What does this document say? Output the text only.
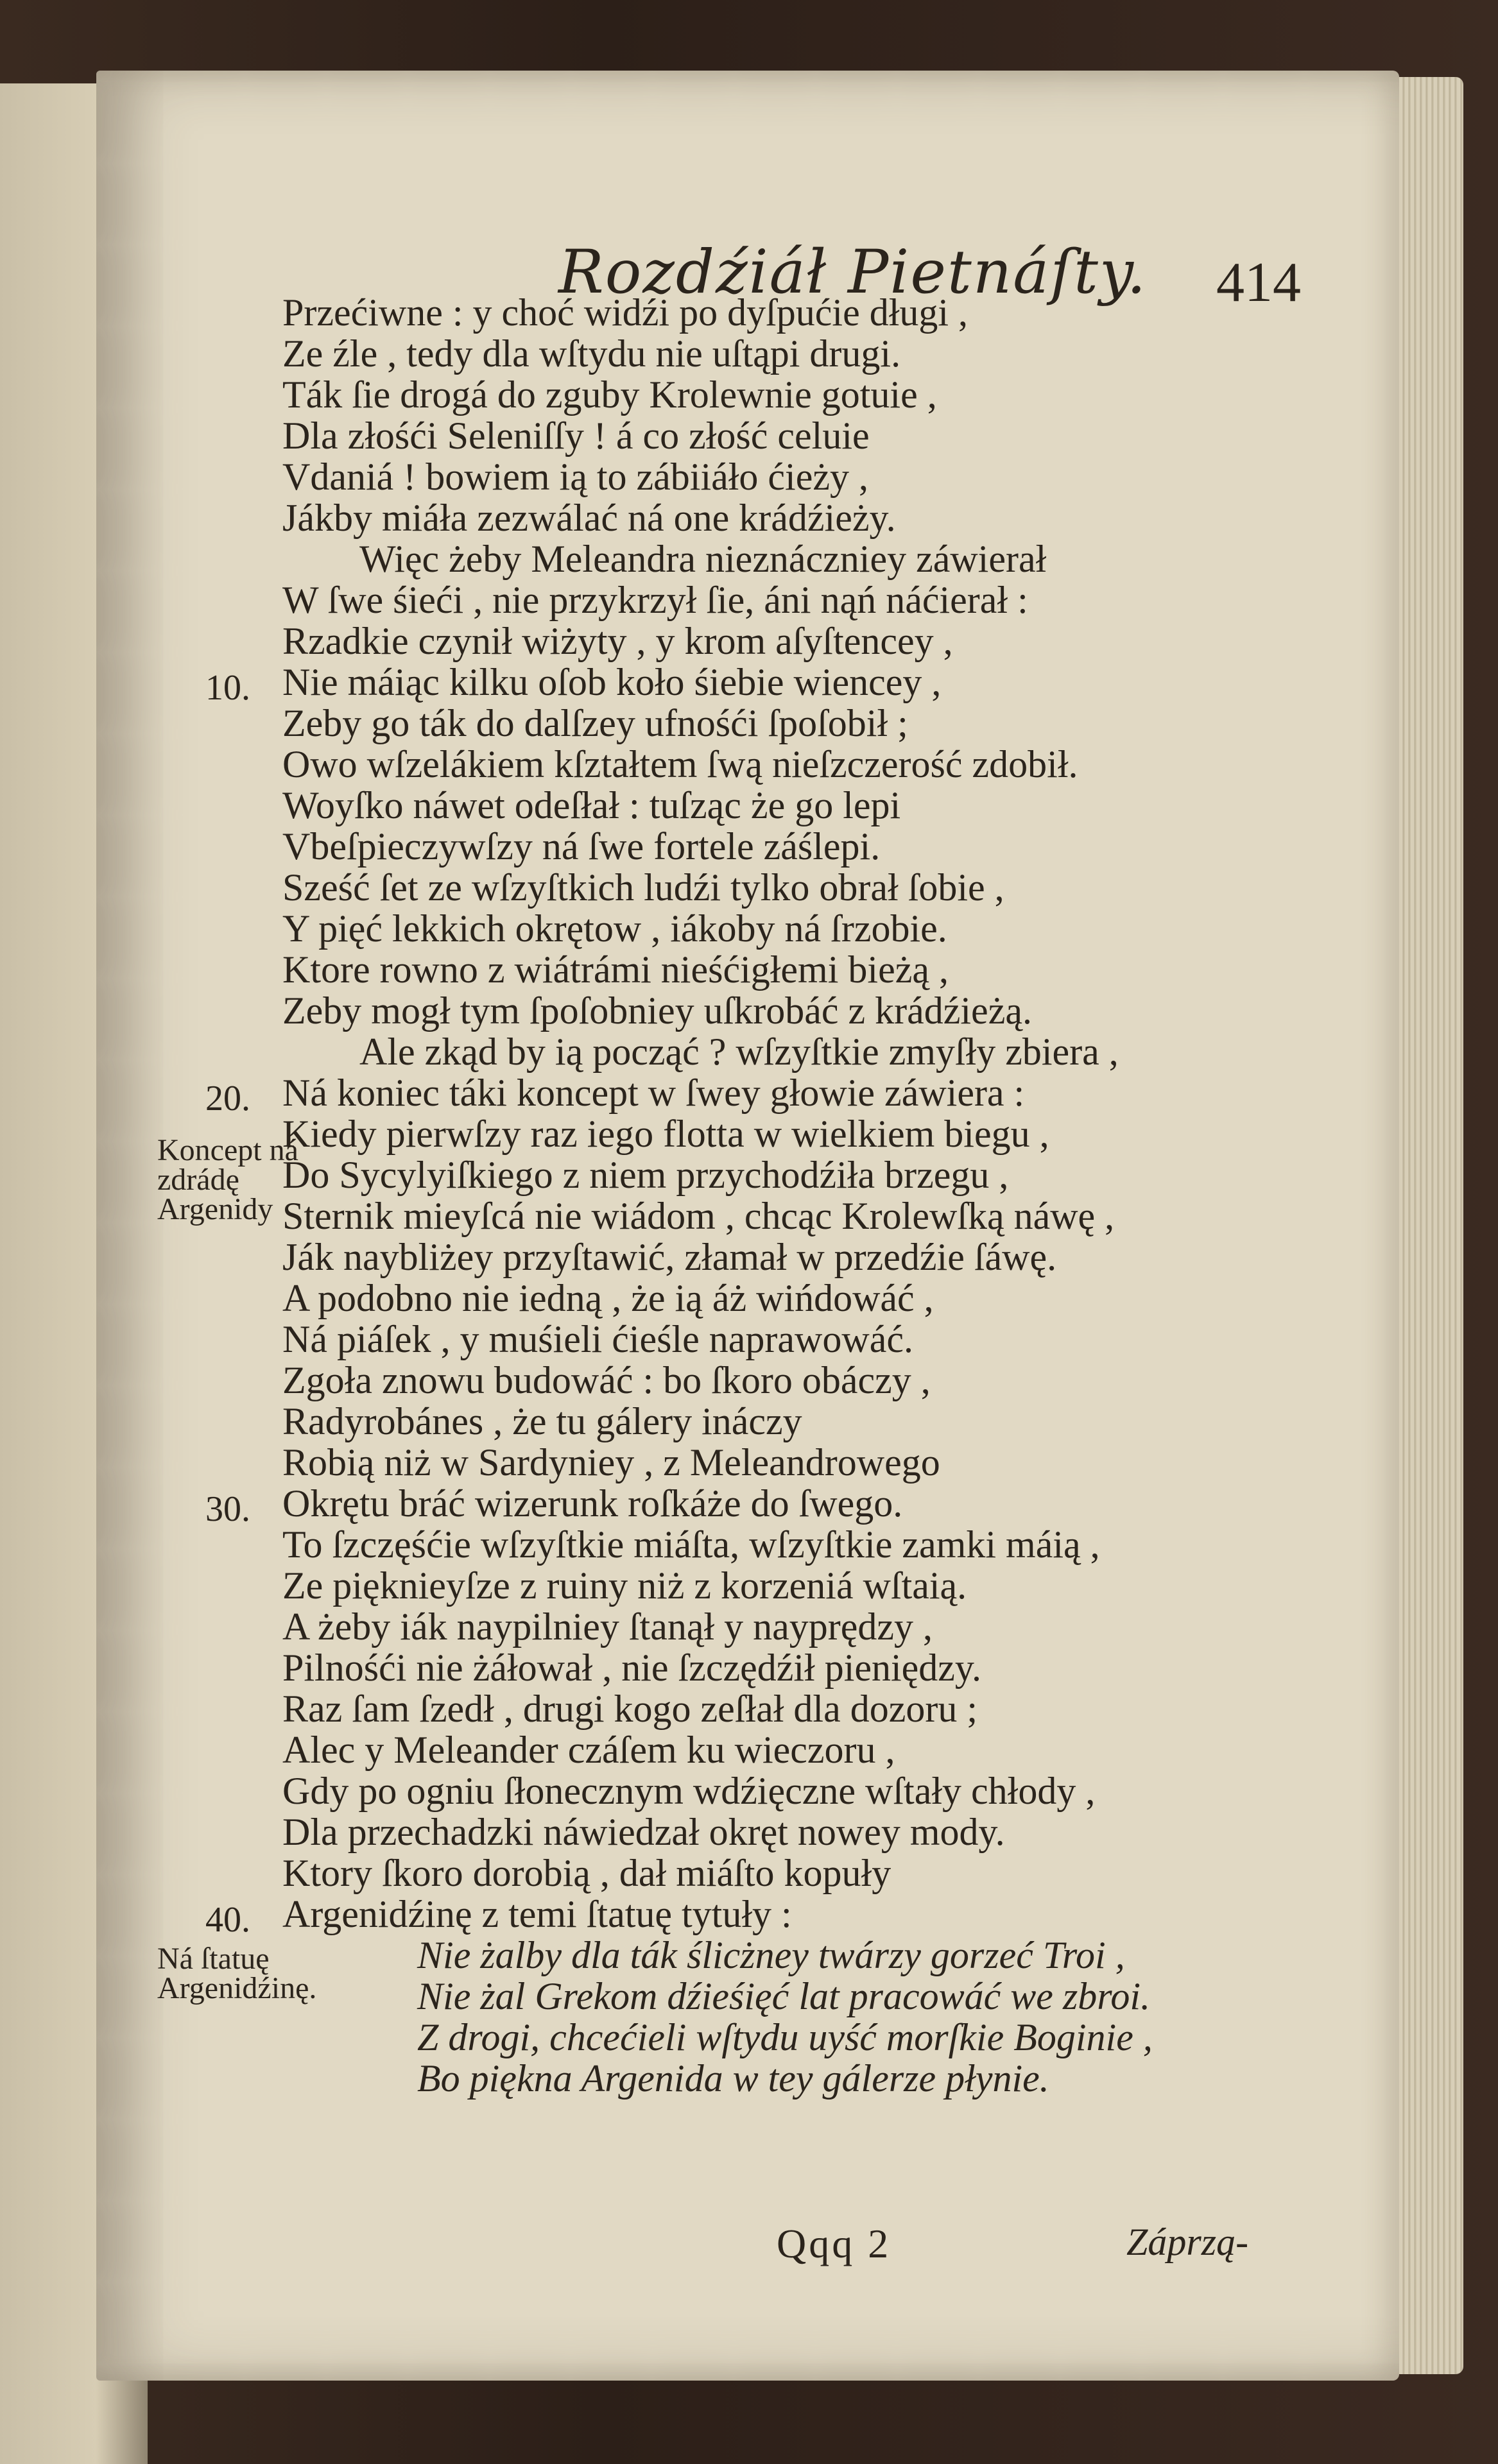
Rozdźiáł Pietnáſty. 414
Przećiwne : y choć widźi po dyſpućie długi ,
Ze źle , tedy dla wſtydu nie uſtąpi drugi.
Ták ſie drogá do zguby Krolewnie gotuie ,
Dla złośći Seleniſſy ! á co złość celuie
Vdaniá ! bowiem ią to zábiiáło ćieży ,
Jákby miáła zezwálać ná one krádźieży.
Więc żeby Meleandra nieznáczniey záwierał
W ſwe śieći , nie przykrzył ſie, áni nąń náćierał :
Rzadkie czynił wiżyty , y krom aſyſtencey ,
Nie máiąc kilku oſob koło śiebie wiencey ,
Zeby go ták do dalſzey ufnośći ſpoſobił ;
Owo wſzelákiem kſztałtem ſwą nieſzczerość zdobił.
Woyſko náwet odeſłał : tuſząc że go lepi
Vbeſpieczywſzy ná ſwe fortele záślepi.
Sześć ſet ze wſzyſtkich ludźi tylko obrał ſobie ,
Y pięć lekkich okrętow , iákoby ná ſrzobie.
Ktore rowno z wiátrámi nieśćigłemi bieżą ,
Zeby mogł tym ſpoſobniey uſkrobáć z krádźieżą.
Ale zkąd by ią począć ? wſzyſtkie zmyſły zbiera ,
Ná koniec táki koncept w ſwey głowie záwiera :
Kiedy pierwſzy raz iego flotta w wielkiem biegu ,
Do Sycylyiſkiego z niem przychodźiła brzegu ,
Sternik mieyſcá nie wiádom , chcąc Krolewſką náwę ,
Ják naybliżey przyſtawić, złamał w przedźie ſáwę.
A podobno nie iedną , że ią áż wińdowáć ,
Ná piáſek , y muśieli ćieśle naprawowáć.
Zgoła znowu budowáć : bo ſkoro obáczy ,
Radyrobánes , że tu gálery ináczy
Robią niż w Sardyniey , z Meleandrowego
Okrętu bráć wizerunk roſkáże do ſwego.
To ſzczęśćie wſzyſtkie miáſta, wſzyſtkie zamki máią ,
Ze pięknieyſze z ruiny niż z korzeniá wſtaią.
A żeby iák naypilniey ſtanął y nayprędzy ,
Pilnośći nie żáłował , nie ſzczędźił pieniędzy.
Raz ſam ſzedł , drugi kogo zeſłał dla dozoru ;
Alec y Meleander czáſem ku wieczoru ,
Gdy po ogniu ſłonecznym wdźięczne wſtały chłody ,
Dla przechadzki náwiedzał okręt nowey mody.
Ktory ſkoro dorobią , dał miáſto kopuły
Argenidźinę z temi ſtatuę tytuły :
Nie żalby dla ták ślicżney twárzy gorzeć Troi ,
Nie żal Grekom dźieśięć lat pracowáć we zbroi.
Z drogi, chcećieli wſtydu uyść morſkie Boginie ,
Bo piękna Argenida w tey gálerze płynie.
10.
20.
30.
40.
Koncept ná zdrádę Argenidy
Ná ſtatuę Argenidźinę.
Qqq 2	Záprzą-
